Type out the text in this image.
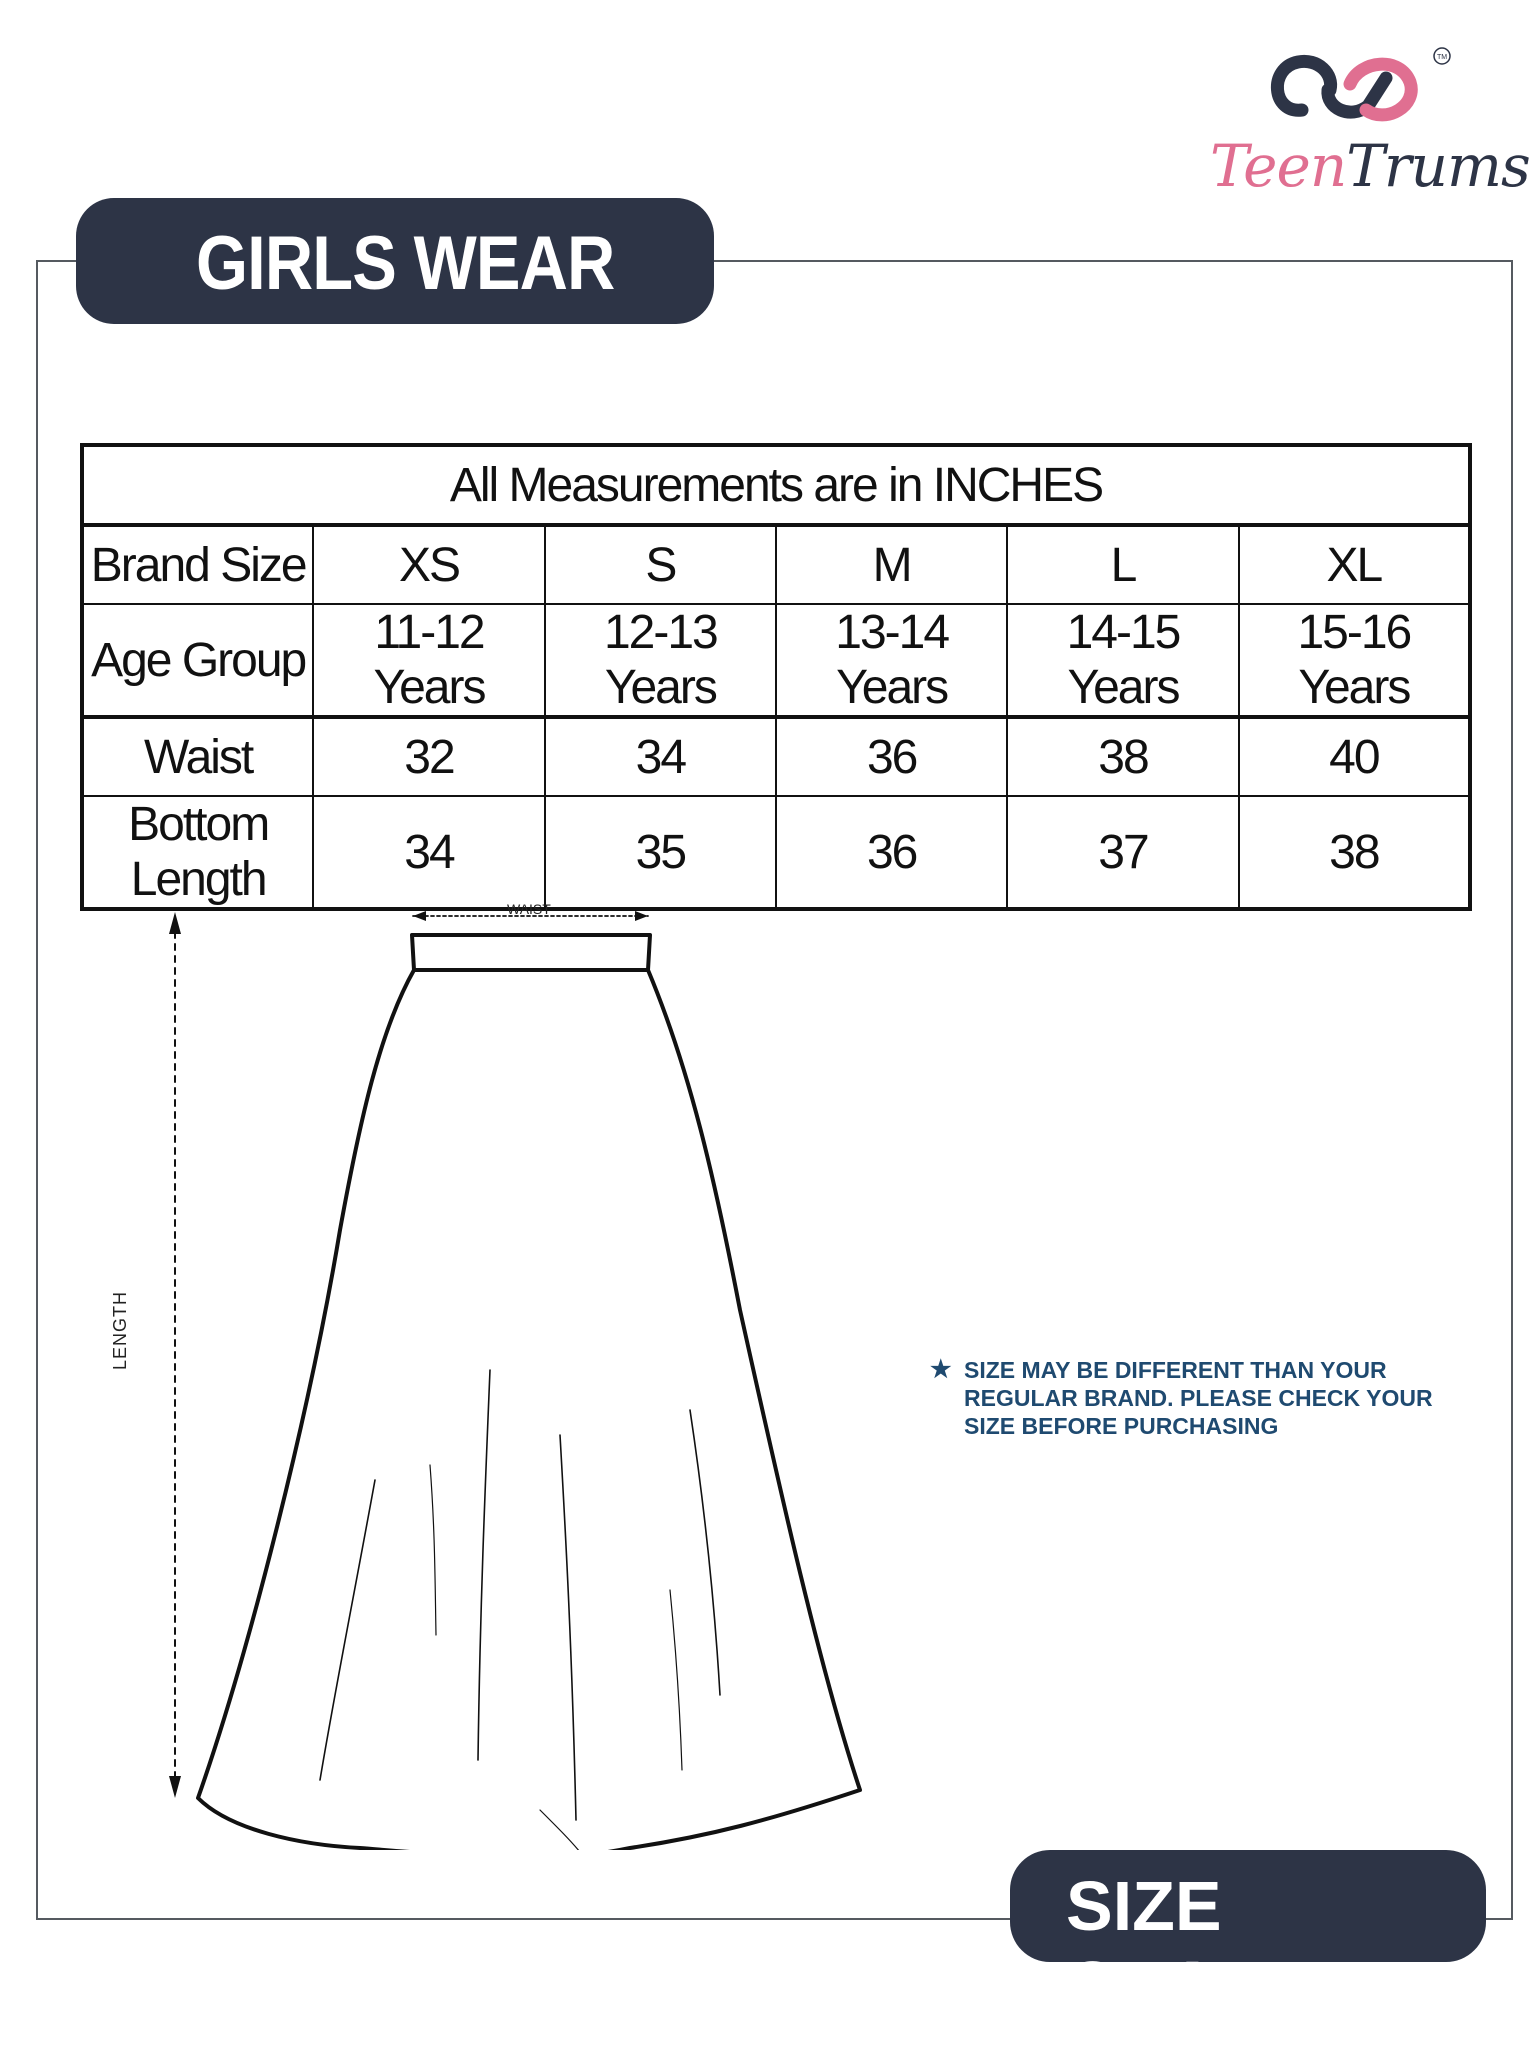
TM
TeenTrums
GIRLS WEAR
All Measurements are in INCHES					
Brand Size	XS	S	M	L	XL
Age Group	11-12 Years	12-13 Years	13-14 Years	14-15 Years	15-16 Years
Waist	32	34	36	38	40
Bottom Length	34	35	36	37	38
WAIST
LENGTH	★ SIZE MAY BE DIFFERENT THAN YOUR
REGULAR BRAND. PLEASE CHECK YOUR
SIZE BEFORE PURCHASING
SIZE CHART
